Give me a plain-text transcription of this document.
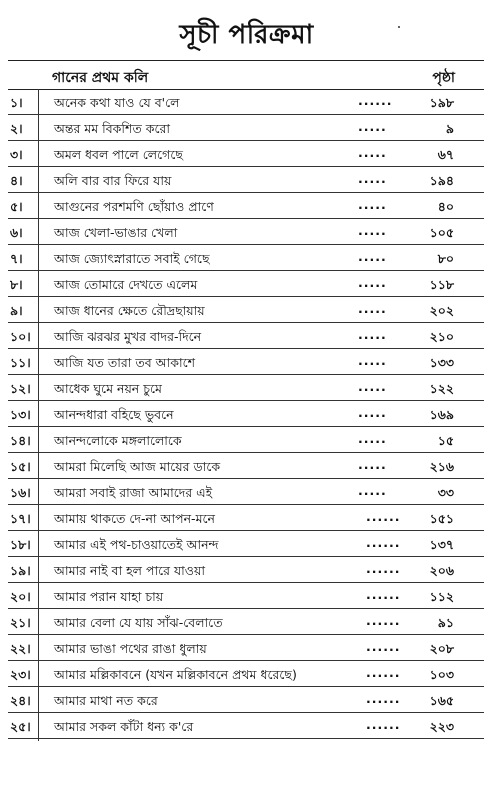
সূচী পরিক্রমা
গানের প্রথম কলি	পৃষ্ঠা
১।	অনেক কথা যাও যে ব'লে	......	১৯৮
২।	অন্তর মম বিকশিত করো	.....	৯
৩।	অমল ধবল পালে লেগেছে	.....	৬৭
৪।	অলি বার বার ফিরে যায়	.....	১৯৪
৫।	আগুনের পরশমণি ছোঁয়াও প্রাণে	.....	৪০
৬।	আজ খেলা-ভাঙার খেলা	.....	১০৫
৭।	আজ জ্যোৎস্নারাতে সবাই গেছে	.....	৮০
৮।	আজ তোমারে দেখতে এলেম	.....	১১৮
৯।	আজ ধানের ক্ষেতে রৌদ্রছায়ায়	.....	২০২
১০। আজি ঝরঝর মুখর বাদর-দিনে	.....	২১০
১১। আজি যত তারা তব আকাশে	.....	১৩৩
১২। আধেক ঘুমে নয়ন চুমে	.....	১২২
১৩। আনন্দধারা বহিছে ভুবনে	.....	১৬৯
১৪। আনন্দলোকে মঙ্গলালোকে	.....	১৫
১৫। আমরা মিলেছি আজ মায়ের ডাকে	.....	২১৬
১৬। আমরা সবাই রাজা আমাদের এই	.....	৩৩
১৭। আমায় থাকতে দে-না আপন-মনে	...... ১৫১
১৮। আমার এই পথ-চাওয়াতেই আনন্দ	...... ১৩৭
১৯। আমার নাই বা হল পারে যাওয়া	...... ২০৬
২০। আমার পরান যাহা চায়	...... ১১২
২১। আমার বেলা যে যায় সাঁঝ-বেলাতে	......	৯১
২২। আমার ভাঙা পথের রাঙা ধুলায়	...... ২০৮
২৩। আমার মল্লিকাবনে (যখন মল্লিকাবনে প্রথম ধরেছে)	...... ১০৩
২৪। আমার মাথা নত করে	...... ১৬৫
২৫। আমার সকল কাঁটা ধন্য ক'রে	...... ২২৩
